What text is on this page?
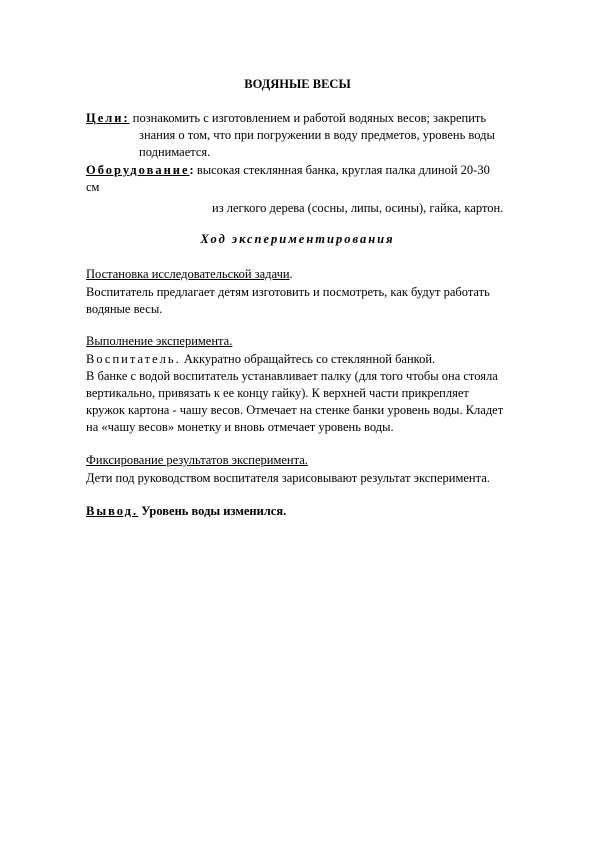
ВОДЯНЫЕ ВЕСЫ
Цели: познакомить с изготовлением и работой водяных весов; закрепить
знания о том, что при погружении в воду предметов, уровень воды
поднимается.
Оборудование: высокая стеклянная банка, круглая палка длиной 20-30
см
из легкого дерева (сосны, липы, осины), гайка, картон.
Ход экспериментирования
Постановка исследовательской задачи.
Воспитатель предлагает детям изготовить и посмотреть, как будут работать
водяные весы.
Выполнение эксперимента.
Воспитатель. Аккуратно обращайтесь со стеклянной банкой.
В банке с водой воспитатель устанавливает палку (для того чтобы она стояла
вертикально, привязать к ее концу гайку). К верхней части прикрепляет
кружок картона - чашу весов. Отмечает на стенке банки уровень воды. Кладет
на «чашу весов» монетку и вновь отмечает уровень воды.
Фиксирование результатов эксперимента.
Дети под руководством воспитателя зарисовывают результат эксперимента.
Вывод. Уровень воды изменился.
